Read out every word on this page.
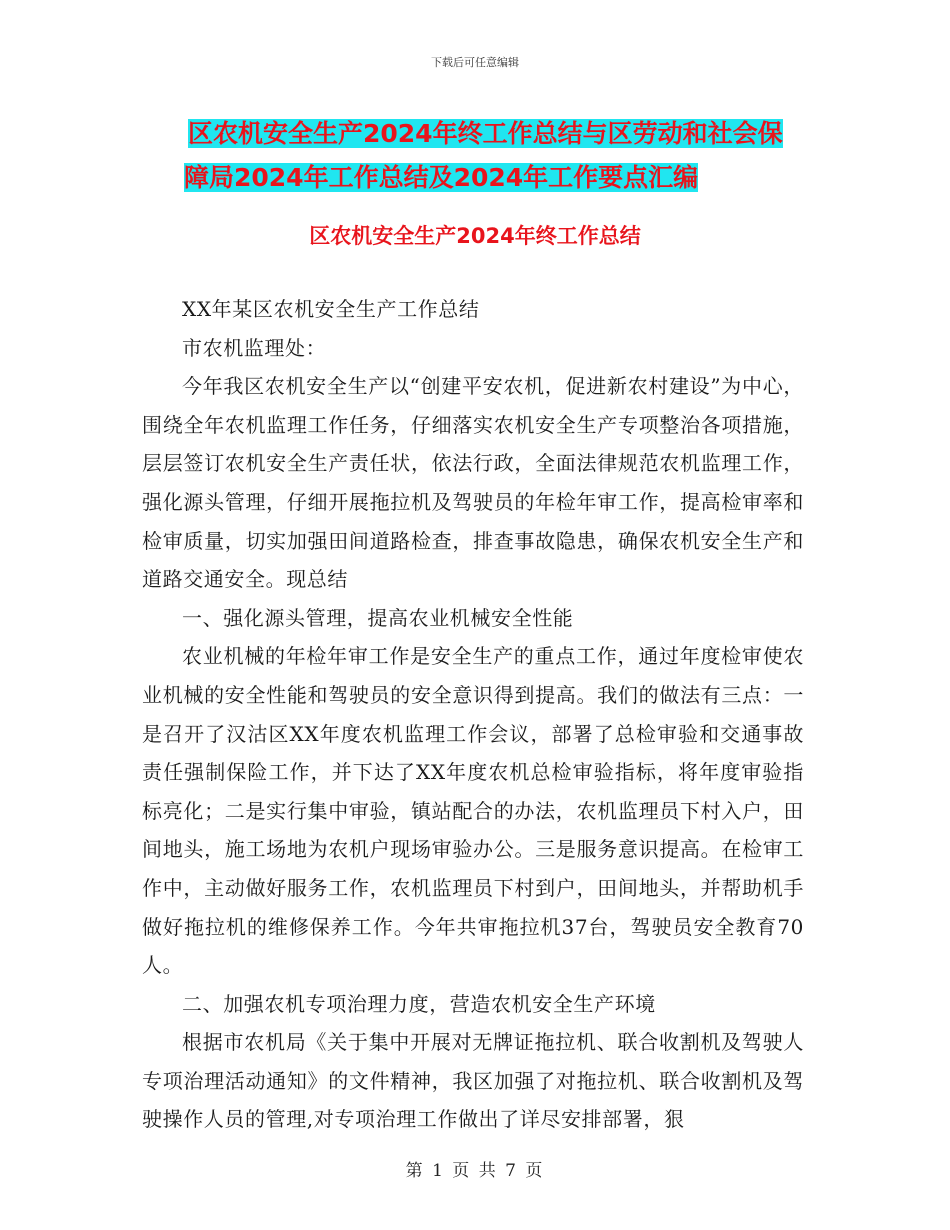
下载后可任意编辑
区农机安全生产2024年终工作总结与区劳动和社会保
障局2024年工作总结及2024年工作要点汇编
区农机安全生产2024年终工作总结

XX年某区农机安全生产工作总结

市农机监理处：

今年我区农机安全生产以“创建平安农机，促进新农村建设”为中心，围绕全年农机监理工作任务，仔细落实农机安全生产专项整治各项措施，层层签订农机安全生产责任状，依法行政，全面法律规范农机监理工作，强化源头管理，仔细开展拖拉机及驾驶员的年检年审工作，提高检审率和检审质量，切实加强田间道路检查，排查事故隐患，确保农机安全生产和道路交通安全。现总结

一、强化源头管理，提高农业机械安全性能

农业机械的年检年审工作是安全生产的重点工作，通过年度检审使农业机械的安全性能和驾驶员的安全意识得到提高。我们的做法有三点：一是召开了汉沽区XX年度农机监理工作会议，部署了总检审验和交通事故责任强制保险工作，并下达了XX年度农机总检审验指标，将年度审验指标亮化；二是实行集中审验，镇站配合的办法，农机监理员下村入户，田间地头，施工场地为农机户现场审验办公。三是服务意识提高。在检审工作中，主动做好服务工作，农机监理员下村到户，田间地头，并帮助机手做好拖拉机的维修保养工作。今年共审拖拉机37台，驾驶员安全教育70人。

二、加强农机专项治理力度，营造农机安全生产环境

根据市农机局《关于集中开展对无牌证拖拉机、联合收割机及驾驶人专项治理活动通知》的文件精神，我区加强了对拖拉机、联合收割机及驾驶操作人员的管理,对专项治理工作做出了详尽安排部署，狠

第 1 页 共 7 页
